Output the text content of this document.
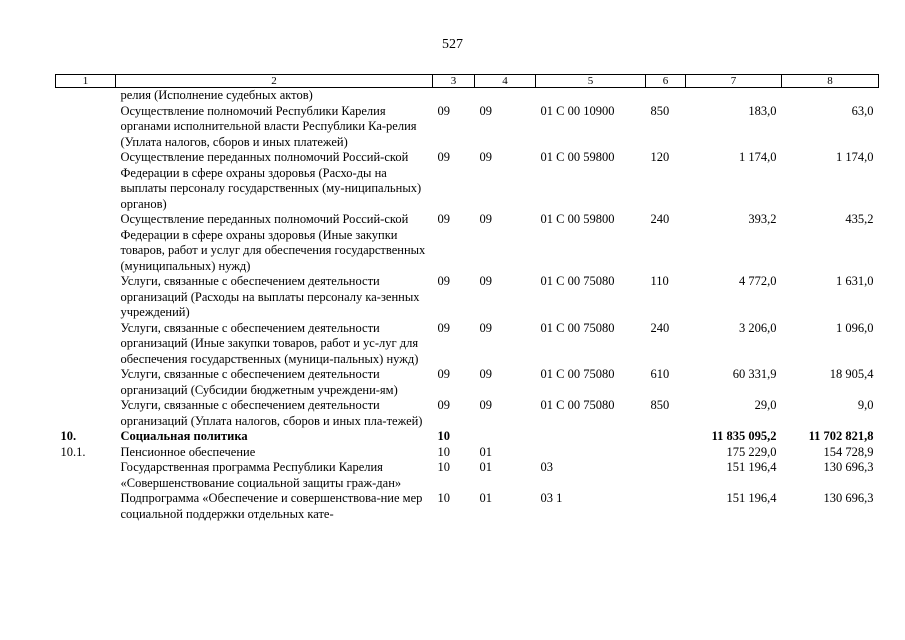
527
1	2	3	4	5	6	7	8
	релия (Исполнение судебных актов)						
	Осуществление полномочий Республики Карелия органами исполнительной власти Республики Ка-релия (Уплата налогов, сборов и иных платежей)	09	09	01 С 00 10900	850	183,0	63,0
	Осуществление переданных полномочий Россий-ской Федерации в сфере охраны здоровья (Расхо-ды на выплаты персоналу государственных (му-ниципальных) органов)	09	09	01 С 00 59800	120	1 174,0	1 174,0
	Осуществление переданных полномочий Россий-ской Федерации в сфере охраны здоровья (Иные закупки товаров, работ и услуг для обеспечения государственных (муниципальных) нужд)	09	09	01 С 00 59800	240	393,2	435,2
	Услуги, связанные с обеспечением деятельности организаций (Расходы на выплаты персоналу ка-зенных учреждений)	09	09	01 С 00 75080	110	4 772,0	1 631,0
	Услуги, связанные с обеспечением деятельности организаций (Иные закупки товаров, работ и ус-луг для обеспечения государственных (муници-пальных) нужд)	09	09	01 С 00 75080	240	3 206,0	1 096,0
	Услуги, связанные с обеспечением деятельности организаций (Субсидии бюджетным учреждени-ям)	09	09	01 С 00 75080	610	60 331,9	18 905,4
	Услуги, связанные с обеспечением деятельности организаций (Уплата налогов, сборов и иных пла-тежей)	09	09	01 С 00 75080	850	29,0	9,0
10.	Социальная политика	10				11 835 095,2	11 702 821,8
10.1.	Пенсионное обеспечение	10	01			175 229,0	154 728,9
	Государственная программа Республики Карелия «Совершенствование социальной защиты граж-дан»	10	01	03		151 196,4	130 696,3
	Подпрограмма «Обеспечение и совершенствова-ние мер социальной поддержки отдельных кате-	10	01	03 1		151 196,4	130 696,3
